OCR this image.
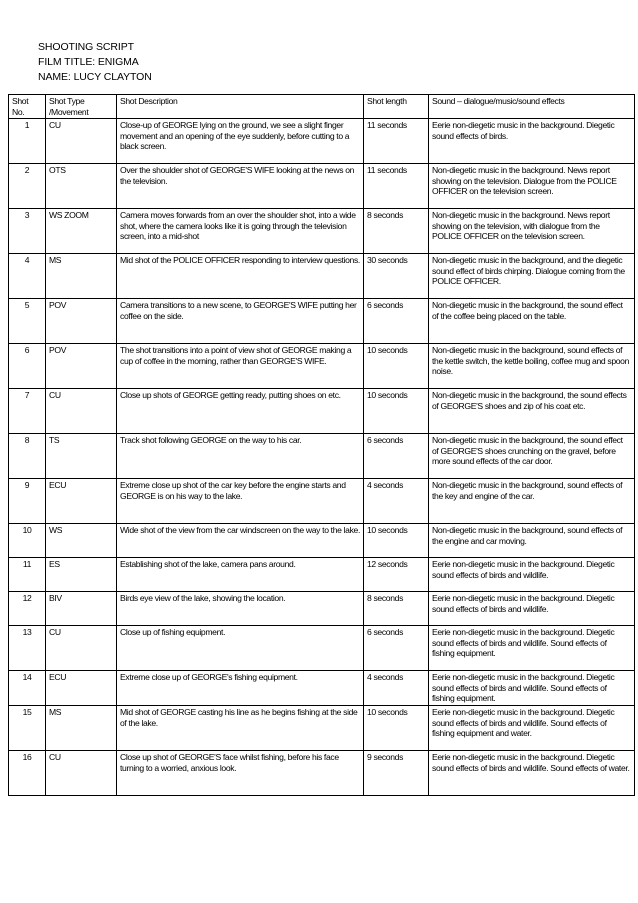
SHOOTING SCRIPT
FILM TITLE: ENIGMA
NAME: LUCY CLAYTON
Shot No.	Shot Type /Movement	Shot Description	Shot length	Sound – dialogue/music/sound effects
1	CU	Close-up of GEORGE lying on the ground, we see a slight finger movement and an opening of the eye suddenly, before cutting to a black screen.	11 seconds	Eerie non-diegetic music in the background. Diegetic sound effects of birds.
2	OTS	Over the shoulder shot of GEORGE'S WIFE looking at the news on the television.	11 seconds	Non-diegetic music in the background. News report showing on the television. Dialogue from the POLICE OFFICER on the television screen.
3	WS ZOOM	Camera moves forwards from an over the shoulder shot, into a wide shot, where the camera looks like it is going through the television screen, into a mid-shot	8 seconds	Non-diegetic music in the background. News report showing on the television, with dialogue from the POLICE OFFICER on the television screen.
4	MS	Mid shot of the POLICE OFFICER responding to interview questions.	30 seconds	Non-diegetic music in the background, and the diegetic sound effect of birds chirping. Dialogue coming from the POLICE OFFICER.
5	POV	Camera transitions to a new scene, to GEORGE'S WIFE putting her coffee on the side.	6 seconds	Non-diegetic music in the background, the sound effect of the coffee being placed on the table.
6	POV	The shot transitions into a point of view shot of GEORGE making a cup of coffee in the morning, rather than GEORGE'S WIFE.	10 seconds	Non-diegetic music in the background, sound effects of the kettle switch, the kettle boiling, coffee mug and spoon noise.
7	CU	Close up shots of GEORGE getting ready, putting shoes on etc.	10 seconds	Non-diegetic music in the background, the sound effects of GEORGE'S shoes and zip of his coat etc.
8	TS	Track shot following GEORGE on the way to his car.	6 seconds	Non-diegetic music in the background, the sound effect of GEORGE'S shoes crunching on the gravel, before more sound effects of the car door.
9	ECU	Extreme close up shot of the car key before the engine starts and GEORGE is on his way to the lake.	4 seconds	Non-diegetic music in the background, sound effects of the key and engine of the car.
10	WS	Wide shot of the view from the car windscreen on the way to the lake.	10 seconds	Non-diegetic music in the background, sound effects of the engine and car moving.
11	ES	Establishing shot of the lake, camera pans around.	12 seconds	Eerie non-diegetic music in the background. Diegetic sound effects of birds and wildlife.
12	BIV	Birds eye view of the lake, showing the location.	8 seconds	Eerie non-diegetic music in the background. Diegetic sound effects of birds and wildlife.
13	CU	Close up of fishing equipment.	6 seconds	Eerie non-diegetic music in the background. Diegetic sound effects of birds and wildlife. Sound effects of fishing equipment.
14	ECU	Extreme close up of GEORGE's fishing equipment.	4 seconds	Eerie non-diegetic music in the background. Diegetic sound effects of birds and wildlife. Sound effects of fishing equipment.
15	MS	Mid shot of GEORGE casting his line as he begins fishing at the side of the lake.	10 seconds	Eerie non-diegetic music in the background. Diegetic sound effects of birds and wildlife. Sound effects of fishing equipment and water.
16	CU	Close up shot of GEORGE'S face whilst fishing, before his face turning to a worried, anxious look.	9 seconds	Eerie non-diegetic music in the background. Diegetic sound effects of birds and wildlife. Sound effects of water.
